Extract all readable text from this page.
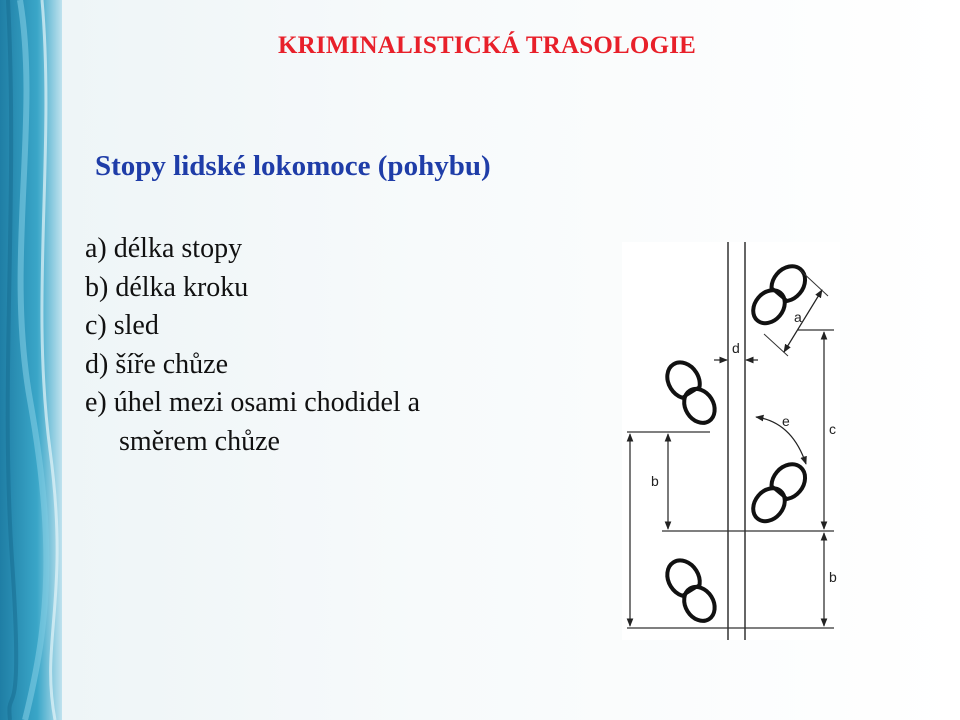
KRIMINALISTICKÁ TRASOLOGIE
Stopy lidské lokomoce (pohybu)
a) délka stopy
b) délka kroku
c) sled
d) šíře chůze
e) úhel mezi osami chodidel a
směrem chůze
a
d
e	c
b
b
